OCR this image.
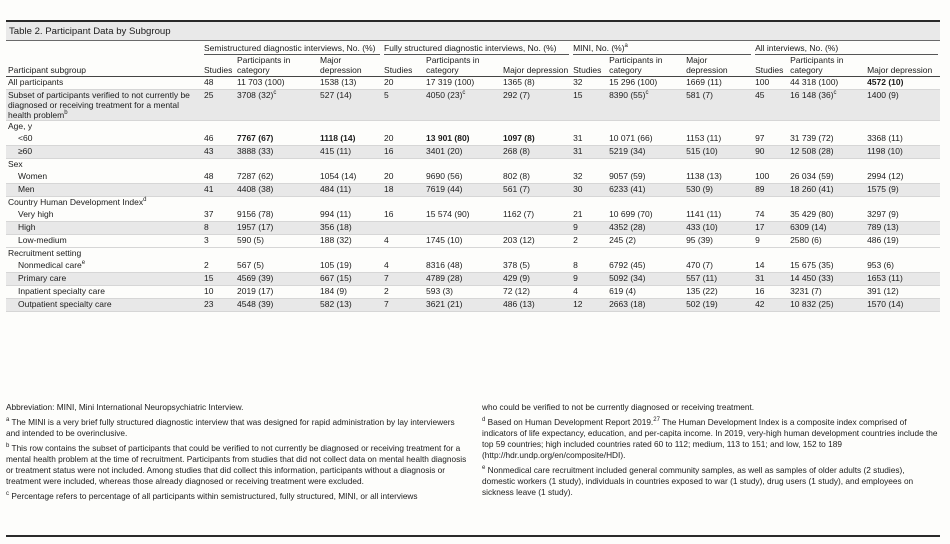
Table 2. Participant Data by Subgroup

	Semistructured diagnostic interviews, No. (%)			Fully structured diagnostic interviews, No. (%)			MINI, No. (%)$^a$			All interviews, No. (%)		

Participant subgroup	Studies	Participants in category	Major depression	Studies	Participants in category	Major depression	Studies	Participants in category	Major depression	Studies	Participants in category	Major depression
All participants	48	11 703 (100)	1538 (13)	20	17 319 (100)	1365 (8)	32	15 296 (100)	1669 (11)	100	44 318 (100)	4572 (10)
Subset of participants verified to not currently be diagnosed or receiving treatment for a mental health problem$^b$	25	3708 $(32)^c$	527 (14)	5	4050 $(23)^c$	292 (7)	15	8390 $(55)^c$	581 (7)	45	16 148 $(36)^c$	1400 (9)
Age, y												
<60	46	7767 (67)	1118 (14)	20	13 901 (80)	1097 (8)	31	10 071 (66)	1153 (11)	97	31 739 (72)	3368 (11)
≥60	43	3888 (33)	415 (11)	16	3401 (20)	268 (8)	31	5219 (34)	515 (10)	90	12 508 (28)	1198 (10)
Sex												
Women	48	7287 (62)	1054 (14)	20	9690 (56)	802 (8)	32	9057 (59)	1138 (13)	100	26 034 (59)	2994 (12)
Men	41	4408 (38)	484 (11)	18	7619 (44)	561 (7)	30	6233 (41)	530 (9)	89	18 260 (41)	1575 (9)
Country Human Development Index$^d$
Very high	37	9156 (78)	994 (11)	16	15 574 (90)	1162 (7)	21	10 699 (70)	1141 (11)	74	35 429 (80)	3297 (9)
High	8	1957 (17)	356 (18)				9	4352 (28)	433 (10)	17	6309 (14)	789 (13)
Low-medium	3	590 (5)	188 (32)	4	1745 (10)	203 (12)	2	245 (2)	95 (39)	9	2580 (6)	486 (19)
Recruitment setting												
Nonmedical care$^e$	2	567 (5)	105 (19)	4	8316 (48)	378 (5)	8	6792 (45)	470 (7)	14	15 675 (35)	953 (6)
Primary care	15	4569 (39)	667 (15)	7	4789 (28)	429 (9)	9	5092 (34)	557 (11)	31	14 450 (33)	1653 (11)
Inpatient specialty care	10	2019 (17)	184 (9)	2	593 (3)	72 (12)	4	619 (4)	135 (22)	16	3231 (7)	391 (12)
Outpatient specialty care	23	4548 (39)	582 (13)	7	3621 (21)	486 (13)	12	2663 (18)	502 (19)	42	10 832 (25)	1570 (14)

Abbreviation: MINI, Mini International Neuropsychiatric Interview.

$^a$ The MINI is a very brief fully structured diagnostic interview that was designed for rapid administration by lay interviewers and intended to be overinclusive.

$^b$ This row contains the subset of participants that could be verified to not currently be diagnosed or receiving treatment for a mental health problem at the time of recruitment. Participants from studies that did not collect data on mental health diagnosis or treatment status were not included. Among studies that did collect this information, participants without a diagnosis or treatment were included, whereas those already diagnosed or receiving treatment were excluded.

$^c$ Percentage refers to percentage of all participants within semistructured, fully structured, MINI, or all interviews

who could be verified to not be currently diagnosed or receiving treatment.

$^d$ Based on Human Development Report 2019.27 The Human Development Index is a composite index comprised of indicators of life expectancy, education, and per-capita income. In 2019, very-high human development countries include the top 59 countries; high included countries rated 60 to 112; medium, 113 to 151; and low, 152 to 189 (http://hdr.undp.org/en/composite/HDI).

$^e$ Nonmedical care recruitment included general community samples, as well as samples of older adults (2 studies), domestic workers (1 study), individuals in countries exposed to war (1 study), drug users (1 study), and employees on sickness leave (1 study).
